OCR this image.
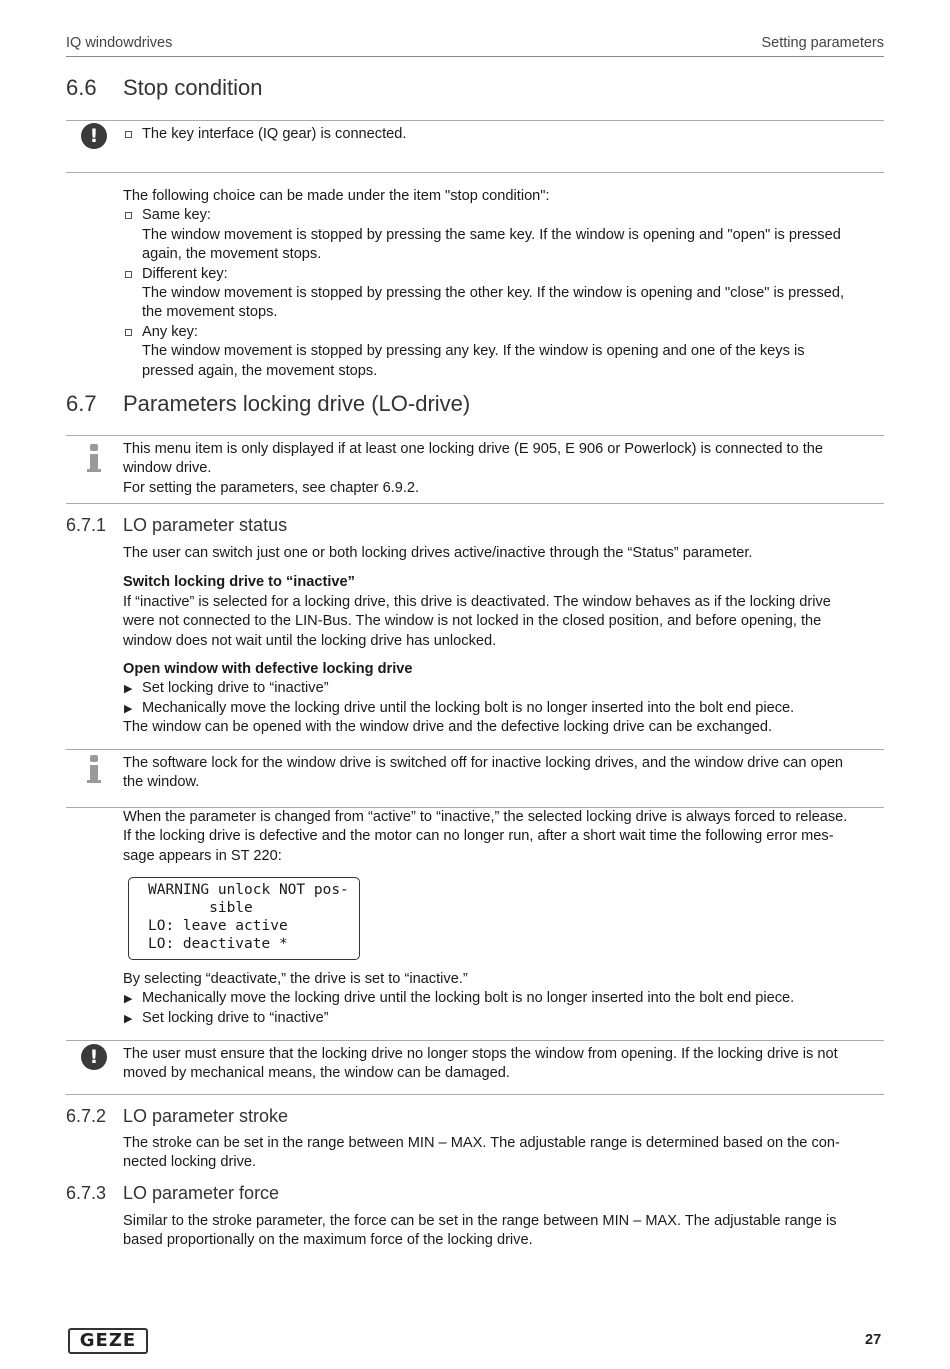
IQ windowdrives	Setting parameters
6.6 Stop condition
!	The key interface (IQ gear) is connected.

The following choice can be made under the item "stop condition":

Same key:
The window movement is stopped by pressing the same key. If the window is opening and "open" is pressed
again, the movement stops.
Different key:
The window movement is stopped by pressing the other key. If the window is opening and "close" is pressed,
the movement stops.
Any key:
The window movement is stopped by pressing any key. If the window is opening and one of the keys is
pressed again, the movement stops.
6.7 Parameters locking drive (LO-drive)
This menu item is only displayed if at least one locking drive (E 905, E 906 or Powerlock) is connected to the
window drive.
For setting the parameters, see chapter 6.9.2.
6.7.1 LO parameter status

The user can switch just one or both locking drives active/inactive through the “Status” parameter.

Switch locking drive to “inactive”

If “inactive” is selected for a locking drive, this drive is deactivated. The window behaves as if the locking drive
were not connected to the LIN-Bus. The window is not locked in the closed position, and before opening, the
window does not wait until the locking drive has unlocked.

Open window with defective locking drive

▶ Set locking drive to “inactive”
▶ Mechanically move the locking drive until the locking bolt is no longer inserted into the bolt end piece.

The window can be opened with the window drive and the defective locking drive can be exchanged.

The software lock for the window drive is switched off for inactive locking drives, and the window drive can open
the window.

When the parameter is changed from “active” to “inactive,” the selected locking drive is always forced to release.
If the locking drive is defective and the motor can no longer run, after a short wait time the following error mes-
sage appears in ST 220:

WARNING unlock NOT pos-
sible
LO: leave active
LO: deactivate *

By selecting “deactivate,” the drive is set to “inactive.”

▶ Mechanically move the locking drive until the locking bolt is no longer inserted into the bolt end piece.
▶ Set locking drive to “inactive”
!	The user must ensure that the locking drive no longer stops the window from opening. If the locking drive is not
moved by mechanical means, the window can be damaged.
6.7.2 LO parameter stroke

The stroke can be set in the range between MIN – MAX. The adjustable range is determined based on the con-
nected locking drive.

6.7.3 LO parameter force

Similar to the stroke parameter, the force can be set in the range between MIN – MAX. The adjustable range is
based proportionally on the maximum force of the locking drive.

GEZE	27
